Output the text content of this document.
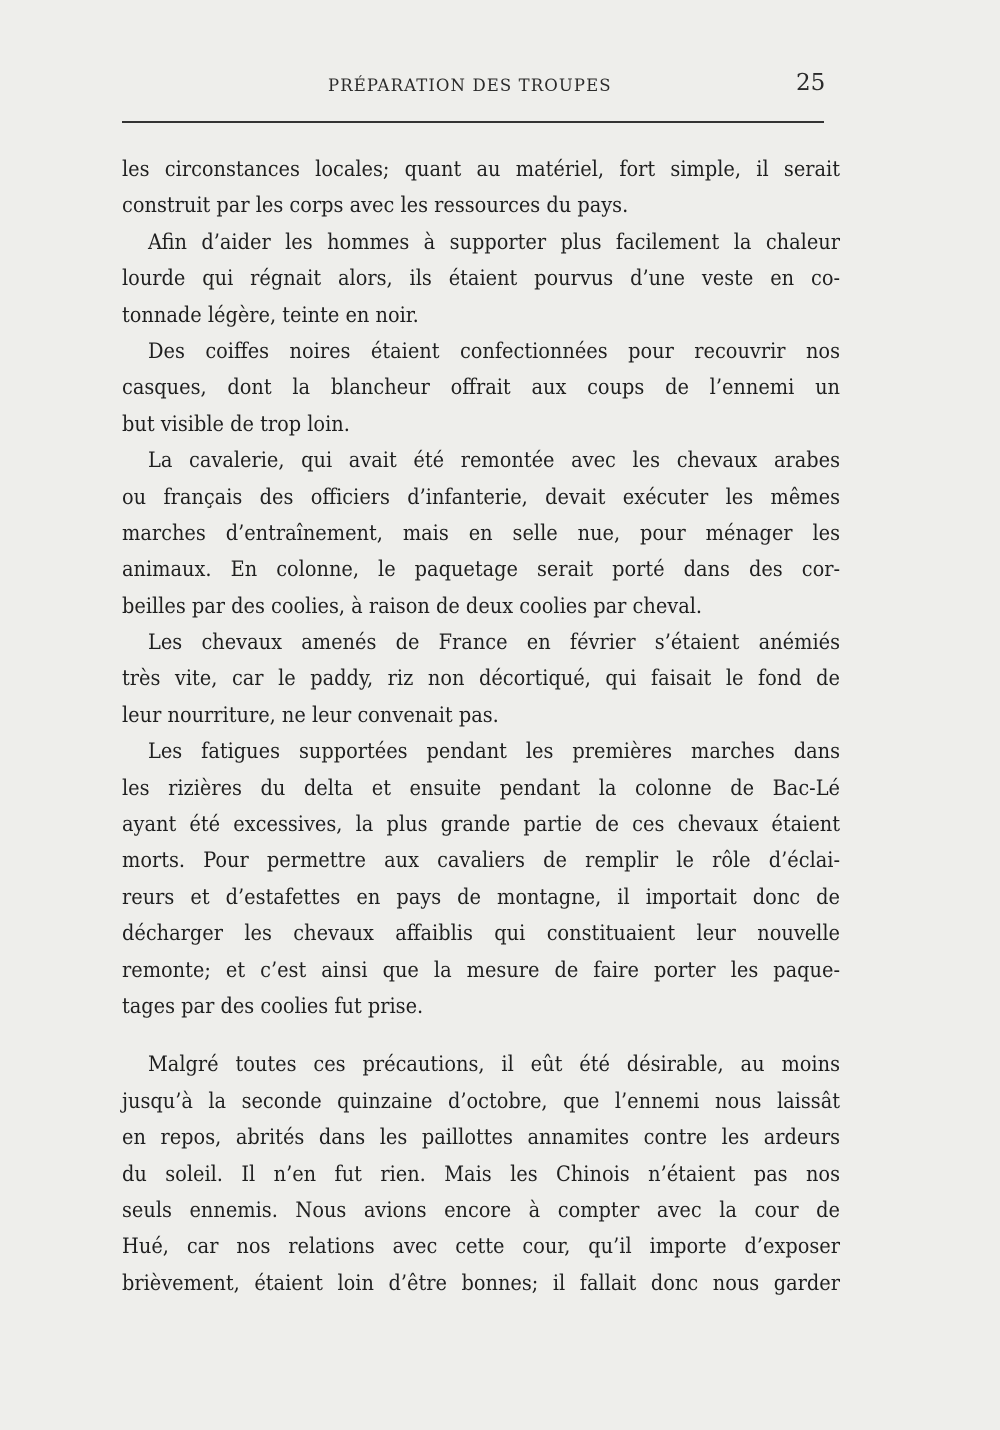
PRÉPARATION DES TROUPES	25
les circonstances locales; quant au matériel, fort simple, il serait
construit par les corps avec les ressources du pays.
Afin d’aider les hommes à supporter plus facilement la chaleur
lourde qui régnait alors, ils étaient pourvus d’une veste en co-
tonnade légère, teinte en noir.
Des coiffes noires étaient confectionnées pour recouvrir nos
casques, dont la blancheur offrait aux coups de l’ennemi un
but visible de trop loin.
La cavalerie, qui avait été remontée avec les chevaux arabes
ou français des officiers d’infanterie, devait exécuter les mêmes
marches d’entraînement, mais en selle nue, pour ménager les
animaux. En colonne, le paquetage serait porté dans des cor-
beilles par des coolies, à raison de deux coolies par cheval.
Les chevaux amenés de France en février s’étaient anémiés
très vite, car le paddy, riz non décortiqué, qui faisait le fond de
leur nourriture, ne leur convenait pas.
Les fatigues supportées pendant les premières marches dans
les rizières du delta et ensuite pendant la colonne de Bac-Lé
ayant été excessives, la plus grande partie de ces chevaux étaient
morts. Pour permettre aux cavaliers de remplir le rôle d’éclai-
reurs et d’estafettes en pays de montagne, il importait donc de
décharger les chevaux affaiblis qui constituaient leur nouvelle
remonte; et c’est ainsi que la mesure de faire porter les paque-
tages par des coolies fut prise.
Malgré toutes ces précautions, il eût été désirable, au moins
jusqu’à la seconde quinzaine d’octobre, que l’ennemi nous laissât
en repos, abrités dans les paillottes annamites contre les ardeurs
du soleil. Il n’en fut rien. Mais les Chinois n’étaient pas nos
seuls ennemis. Nous avions encore à compter avec la cour de
Hué, car nos relations avec cette cour, qu’il importe d’exposer
brièvement, étaient loin d’être bonnes; il fallait donc nous garder
